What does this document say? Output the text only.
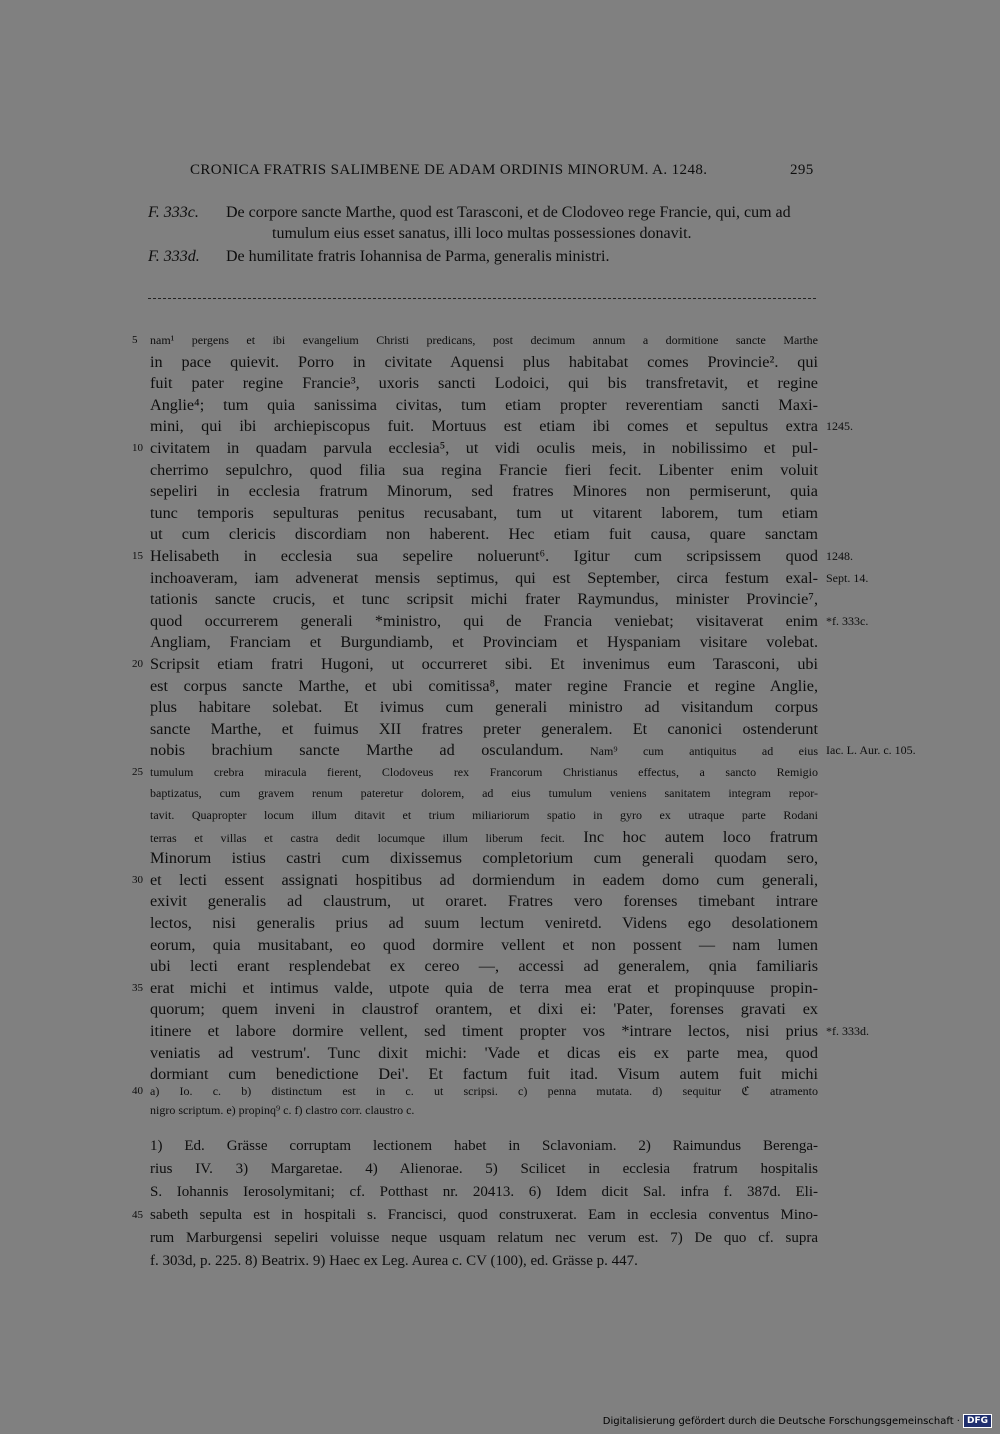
CRONICA FRATRIS SALIMBENE DE ADAM ORDINIS MINORUM. A. 1248.	295
F. 333c. De corpore sancte Marthe, quod est Tarasconi, et de Clodoveo rege Francie, qui, cum ad tumulum eius esset sanatus, illi loco multas possessiones donavit.
F. 333d. De humilitate fratris Iohannisa de Parma, generalis ministri.
5	nam¹ pergens et ibi evangelium Christi predicans, post decimum annum a dormitione sancte Marthe
in pace quievit. Porro in civitate Aquensi plus habitabat comes Provincie². qui
fuit pater regine Francie³, uxoris sancti Lodoici, qui bis transfretavit, et regine
Anglie⁴; tum quia sanissima civitas, tum etiam propter reverentiam sancti Maxi-
mini, qui ibi archiepiscopus fuit. Mortuus est etiam ibi comes et sepultus extra 1245.
10 civitatem in quadam parvula ecclesia⁵, ut vidi oculis meis, in nobilissimo et pul-
cherrimo sepulchro, quod filia sua regina Francie fieri fecit. Libenter enim voluit
sepeliri in ecclesia fratrum Minorum, sed fratres Minores non permiserunt, quia
tunc temporis sepulturas penitus recusabant, tum ut vitarent laborem, tum etiam
ut cum clericis discordiam non haberent. Hec etiam fuit causa, quare sanctam
15 Helisabeth in ecclesia sua sepelire noluerunt⁶. Igitur cum scripsissem quod 1248.
inchoaveram, iam advenerat mensis septimus, qui est September, circa festum exal- Sept. 14.
tationis sancte crucis, et tunc scripsit michi frater Raymundus, minister Provincie⁷,
quod occurrerem generali *ministro, qui de Francia veniebat; visitaverat enim *f. 333c.
Angliam, Franciam et Burgundiamb, et Provinciam et Hyspaniam visitare volebat.
20 Scripsit etiam fratri Hugoni, ut occurreret sibi. Et invenimus eum Tarasconi, ubi
est corpus sancte Marthe, et ubi comitissa⁸, mater regine Francie et regine Anglie,
plus habitare solebat. Et ivimus cum generali ministro ad visitandum corpus
sancte Marthe, et fuimus XII fratres preter generalem. Et canonici ostenderunt
nobis brachium sancte Marthe ad osculandum. Nam⁹ cum antiquitus ad eius Iac. L. Aur. c. 105.
25 tumulum crebra miracula fierent, Clodoveus rex Francorum Christianus effectus, a sancto Remigio
baptizatus, cum gravem renum pateretur dolorem, ad eius tumulum veniens sanitatem integram repor-
tavit. Quapropter locum illum ditavit et trium miliariorum spatio in gyro ex utraque parte Rodani
terras et villas et castra dedit locumque illum liberum fecit. Inc hoc autem loco fratrum
Minorum istius castri cum dixissemus completorium cum generali quodam sero,
30 et lecti essent assignati hospitibus ad dormiendum in eadem domo cum generali,
exivit generalis ad claustrum, ut oraret. Fratres vero forenses timebant intrare
lectos, nisi generalis prius ad suum lectum veniretd. Videns ego desolationem
eorum, quia musitabant, eo quod dormire vellent et non possent — nam lumen
ubi lecti erant resplendebat ex cereo —, accessi ad generalem, qnia familiaris
35 erat michi et intimus valde, utpote quia de terra mea erat et propinquuse propin-
quorum; quem inveni in claustrof orantem, et dixi ei: 'Pater, forenses gravati ex
itinere et labore dormire vellent, sed timent propter vos *intrare lectos, nisi prius *f. 333d.
veniatis ad vestrum'. Tunc dixit michi: 'Vade et dicas eis ex parte mea, quod
dormiant cum benedictione Dei'. Et factum fuit itad. Visum autem fuit michi
40 a) Io. c. b) distinctum est in c. ut scripsi. c) penna mutata. d) sequitur ℭ atramento
nigro scriptum. e) propinq⁹ c. f) clastro corr. claustro c.
1) Ed. Grässe corruptam lectionem habet in Sclavoniam. 2) Raimundus Berenga-
rius IV. 3) Margaretae. 4) Alienorae. 5) Scilicet in ecclesia fratrum hospitalis
S. Iohannis Ierosolymitani; cf. Potthast nr. 20413. 6) Idem dicit Sal. infra f. 387d. Eli-
45 sabeth sepulta est in hospitali s. Francisci, quod construxerat. Eam in ecclesia conventus Mino-
rum Marburgensi sepeliri voluisse neque usquam relatum nec verum est. 7) De quo cf. supra
f. 303d, p. 225. 8) Beatrix. 9) Haec ex Leg. Aurea c. CV (100), ed. Grässe p. 447.
Digitalisierung gefördert durch die Deutsche Forschungsgemeinschaft · DFG
